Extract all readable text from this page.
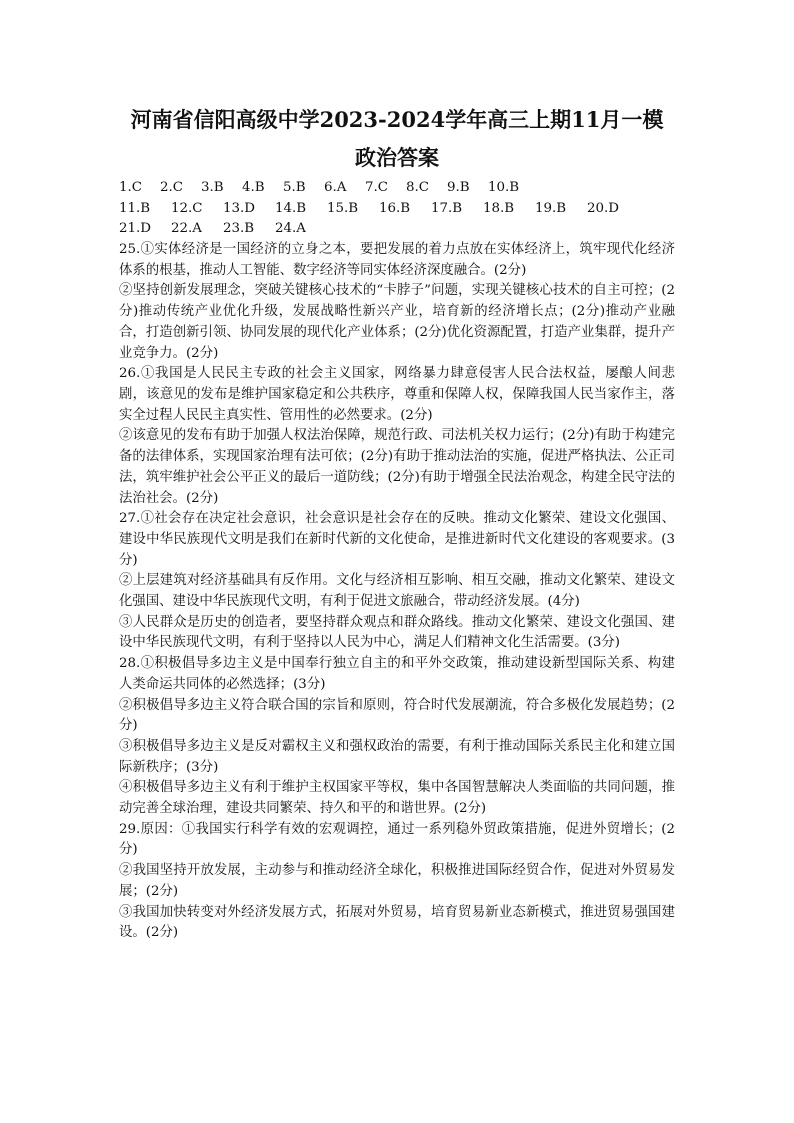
河南省信阳高级中学2023-2024学年高三上期11月一模
政治答案
1.C	2.C	3.B	4.B	5.B	6.A	7.C	8.C	9.B	10.B
11.B	12.C	13.D	14.B	15.B	16.B	17.B	18.B	19.B	20.D
21.D	22.A	23.B	24.A

25.①实体经济是一国经济的立身之本，要把发展的着力点放在实体经济上，筑牢现代化经济体系的根基，推动人工智能、数字经济等同实体经济深度融合。(2分)

②坚持创新发展理念，突破关键核心技术的“卡脖子”问题，实现关键核心技术的自主可控；(2分)推动传统产业优化升级，发展战略性新兴产业，培育新的经济增长点；(2分)推动产业融合，打造创新引领、协同发展的现代化产业体系；(2分)优化资源配置，打造产业集群，提升产业竞争力。(2分)

26.①我国是人民民主专政的社会主义国家，网络暴力肆意侵害人民合法权益，屡酿人间悲剧，该意见的发布是维护国家稳定和公共秩序，尊重和保障人权，保障我国人民当家作主，落实全过程人民民主真实性、管用性的必然要求。(2分)

②该意见的发布有助于加强人权法治保障，规范行政、司法机关权力运行；(2分)有助于构建完备的法律体系，实现国家治理有法可依；(2分)有助于推动法治的实施，促进严格执法、公正司法，筑牢维护社会公平正义的最后一道防线；(2分)有助于增强全民法治观念，构建全民守法的法治社会。(2分)

27.①社会存在决定社会意识，社会意识是社会存在的反映。推动文化繁荣、建设文化强国、建设中华民族现代文明是我们在新时代新的文化使命，是推进新时代文化建设的客观要求。(3分)

②上层建筑对经济基础具有反作用。文化与经济相互影响、相互交融，推动文化繁荣、建设文化强国、建设中华民族现代文明，有利于促进文旅融合，带动经济发展。(4分)

③人民群众是历史的创造者，要坚持群众观点和群众路线。推动文化繁荣、建设文化强国、建设中华民族现代文明，有利于坚持以人民为中心，满足人们精神文化生活需要。(3分)

28.①积极倡导多边主义是中国奉行独立自主的和平外交政策，推动建设新型国际关系、构建人类命运共同体的必然选择；(3分)

②积极倡导多边主义符合联合国的宗旨和原则，符合时代发展潮流，符合多极化发展趋势；(2分)

③积极倡导多边主义是反对霸权主义和强权政治的需要，有利于推动国际关系民主化和建立国际新秩序；(3分)

④积极倡导多边主义有利于维护主权国家平等权，集中各国智慧解决人类面临的共同问题，推动完善全球治理，建设共同繁荣、持久和平的和谐世界。(2分)

29.原因：①我国实行科学有效的宏观调控，通过一系列稳外贸政策措施，促进外贸增长；(2分)

②我国坚持开放发展，主动参与和推动经济全球化，积极推进国际经贸合作，促进对外贸易发展；(2分)

③我国加快转变对外经济发展方式，拓展对外贸易，培育贸易新业态新模式，推进贸易强国建设。(2分)
